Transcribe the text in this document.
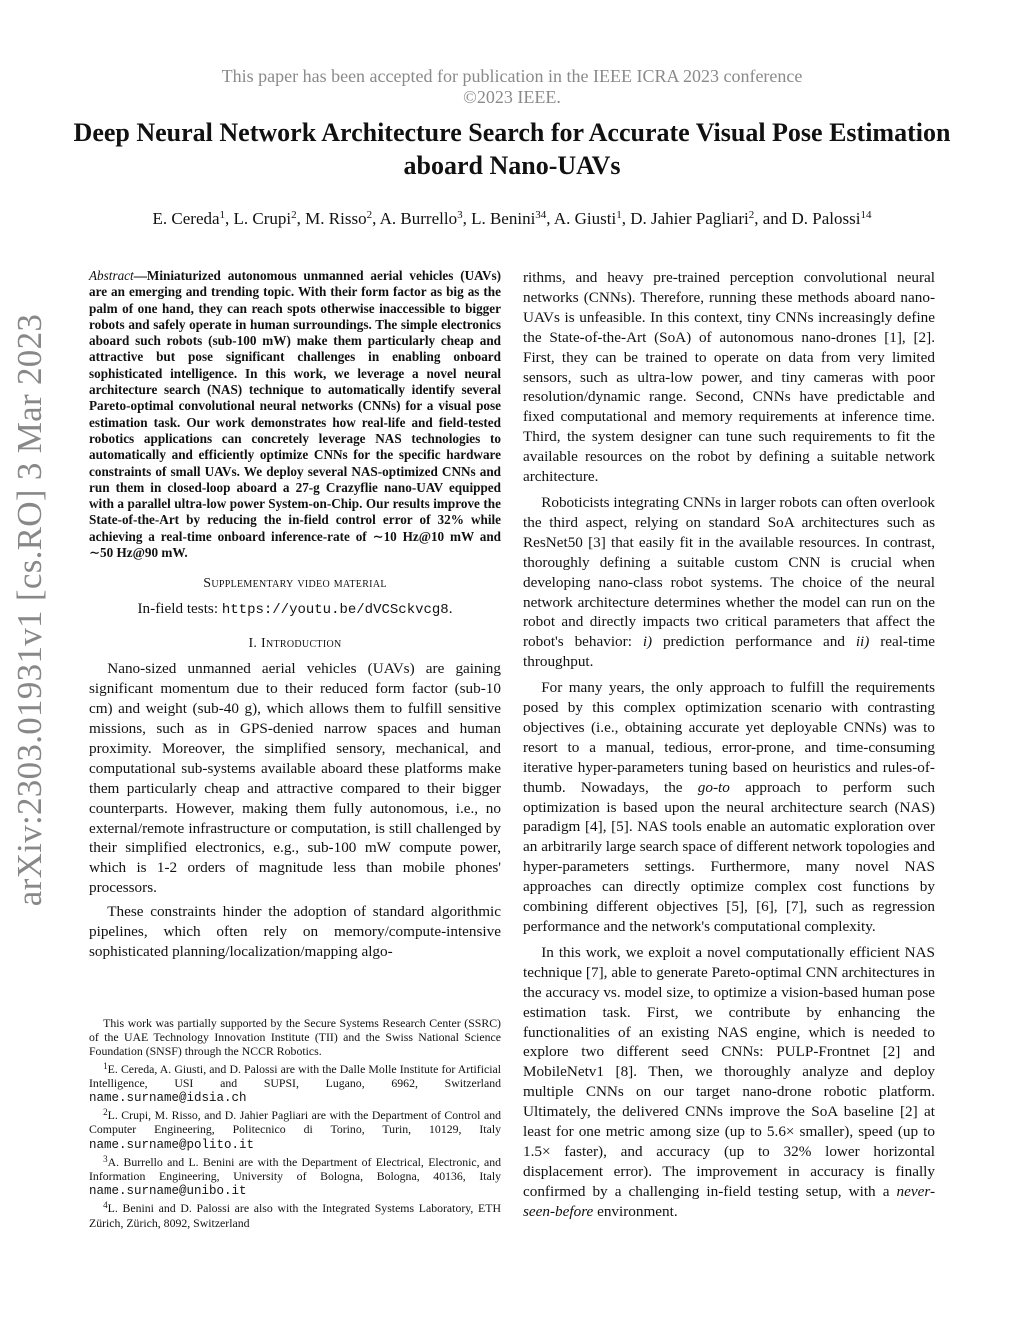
This paper has been accepted for publication in the IEEE ICRA 2023 conference
©2023 IEEE.
Deep Neural Network Architecture Search for Accurate Visual Pose Estimation aboard Nano-UAVs
E. Cereda$^1$, L. Crupi$^2$, M. Risso$^2$, A. Burrello$^3$, L. Benini$^{34}$, A. Giusti$^1$, D. Jahier Pagliari$^2$, and D. Palossi$^{14}$
arXiv:2303.01931v1 [cs.RO] 3 Mar 2023

Abstract—Miniaturized autonomous unmanned aerial vehicles (UAVs) are an emerging and trending topic. With their form factor as big as the palm of one hand, they can reach spots otherwise inaccessible to bigger robots and safely operate in human surroundings. The simple electronics aboard such robots (sub-100 mW) make them particularly cheap and attractive but pose significant challenges in enabling onboard sophisticated intelligence. In this work, we leverage a novel neural architecture search (NAS) technique to automatically identify several Pareto-optimal convolutional neural networks (CNNs) for a visual pose estimation task. Our work demonstrates how real-life and field-tested robotics applications can concretely leverage NAS technologies to automatically and efficiently optimize CNNs for the specific hardware constraints of small UAVs. We deploy several NAS-optimized CNNs and run them in closed-loop aboard a 27-g Crazyflie nano-UAV equipped with a parallel ultra-low power System-on-Chip. Our results improve the State-of-the-Art by reducing the in-field control error of 32% while achieving a real-time onboard inference-rate of ∼10 Hz@10 mW and ∼50 Hz@90 mW.

Supplementary video material
In-field tests: https://youtu.be/dVCSckvcg8.
I. Introduction

Nano-sized unmanned aerial vehicles (UAVs) are gaining significant momentum due to their reduced form factor (sub-10 cm) and weight (sub-40 g), which allows them to fulfill sensitive missions, such as in GPS-denied narrow spaces and human proximity. Moreover, the simplified sensory, mechanical, and computational sub-systems available aboard these platforms make them particularly cheap and attractive compared to their bigger counterparts. However, making them fully autonomous, i.e., no external/remote infrastructure or computation, is still challenged by their simplified electronics, e.g., sub-100 mW compute power, which is 1-2 orders of magnitude less than mobile phones' processors.

These constraints hinder the adoption of standard algorithmic pipelines, which often rely on memory/compute-intensive sophisticated planning/localization/mapping algo-

This work was partially supported by the Secure Systems Research Center (SSRC) of the UAE Technology Innovation Institute (TII) and the Swiss National Science Foundation (SNSF) through the NCCR Robotics.

$^1$E. Cereda, A. Giusti, and D. Palossi are with the Dalle Molle Institute for Artificial Intelligence, USI and SUPSI, Lugano, 6962, Switzerland name.surname@idsia.ch

$^2$L. Crupi, M. Risso, and D. Jahier Pagliari are with the Department of Control and Computer Engineering, Politecnico di Torino, Turin, 10129, Italy name.surname@polito.it

$^3$A. Burrello and L. Benini are with the Department of Electrical, Electronic, and Information Engineering, University of Bologna, Bologna, 40136, Italy name.surname@unibo.it

$^4$L. Benini and D. Palossi are also with the Integrated Systems Laboratory, ETH Zürich, Zürich, 8092, Switzerland

rithms, and heavy pre-trained perception convolutional neural networks (CNNs). Therefore, running these methods aboard nano-UAVs is unfeasible. In this context, tiny CNNs increasingly define the State-of-the-Art (SoA) of autonomous nano-drones [1], [2]. First, they can be trained to operate on data from very limited sensors, such as ultra-low power, and tiny cameras with poor resolution/dynamic range. Second, CNNs have predictable and fixed computational and memory requirements at inference time. Third, the system designer can tune such requirements to fit the available resources on the robot by defining a suitable network architecture.

Roboticists integrating CNNs in larger robots can often overlook the third aspect, relying on standard SoA architectures such as ResNet50 [3] that easily fit in the available resources. In contrast, thoroughly defining a suitable custom CNN is crucial when developing nano-class robot systems. The choice of the neural network architecture determines whether the model can run on the robot and directly impacts two critical parameters that affect the robot's behavior: i) prediction performance and ii) real-time throughput.

For many years, the only approach to fulfill the requirements posed by this complex optimization scenario with contrasting objectives (i.e., obtaining accurate yet deployable CNNs) was to resort to a manual, tedious, error-prone, and time-consuming iterative hyper-parameters tuning based on heuristics and rules-of-thumb. Nowadays, the go-to approach to perform such optimization is based upon the neural architecture search (NAS) paradigm [4], [5]. NAS tools enable an automatic exploration over an arbitrarily large search space of different network topologies and hyper-parameters settings. Furthermore, many novel NAS approaches can directly optimize complex cost functions by combining different objectives [5], [6], [7], such as regression performance and the network's computational complexity.

In this work, we exploit a novel computationally efficient NAS technique [7], able to generate Pareto-optimal CNN architectures in the accuracy vs. model size, to optimize a vision-based human pose estimation task. First, we contribute by enhancing the functionalities of an existing NAS engine, which is needed to explore two different seed CNNs: PULP-Frontnet [2] and MobileNetv1 [8]. Then, we thoroughly analyze and deploy multiple CNNs on our target nano-drone robotic platform. Ultimately, the delivered CNNs improve the SoA baseline [2] at least for one metric among size (up to 5.6× smaller), speed (up to 1.5× faster), and accuracy (up to 32% lower horizontal displacement error). The improvement in accuracy is finally confirmed by a challenging in-field testing setup, with a never-seen-before environment.
